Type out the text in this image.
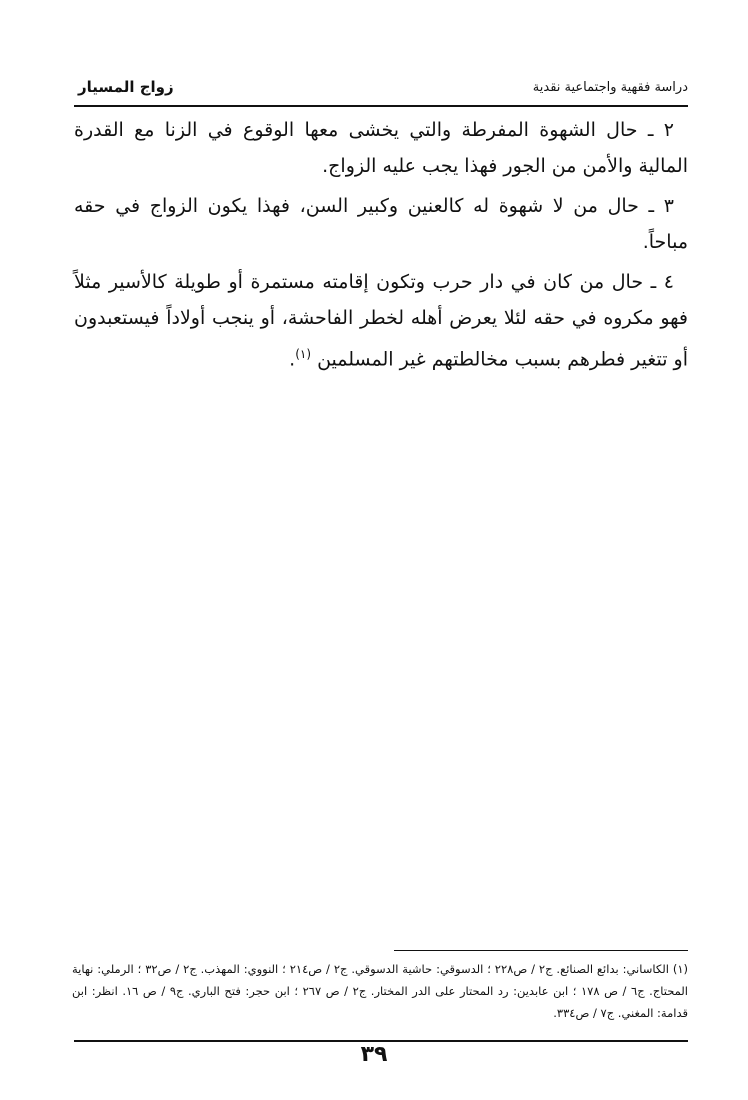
دراسة فقهية واجتماعية نقدية
زواج المسيار

٢ ـ حال الشهوة المفرطة والتي يخشى معها الوقوع في الزنا مع القدرة المالية والأمن من الجور فهذا يجب عليه الزواج.

٣ ـ حال من لا شهوة له كالعنين وكبير السن، فهذا يكون الزواج في حقه مباحاً.

٤ ـ حال من كان في دار حرب وتكون إقامته مستمرة أو طويلة كالأسير مثلاً فهو مكروه في حقه لئلا يعرض أهله لخطر الفاحشة، أو ينجب أولاداً فيستعبدون أو تتغير فطرهم بسبب مخالطتهم غير المسلمين $^{(١)}$.

(١) الكاساني: بدائع الصنائع. ج٢ / ص٢٢٨ ؛ الدسوقي: حاشية الدسوقي. ج٢ / ص٢١٤ ؛ النووي: المهذب. ج٢ / ص٣٢ ؛ الرملي: نهاية المحتاج. ج٦ / ص ١٧٨ ؛ ابن عابدين: رد المحتار على الدر المختار. ج٢ / ص ٢٦٧ ؛ ابن حجر: فتح الباري. ج٩ / ص ١٦. انظر: ابن قدامة: المغني. ج٧ / ص٣٣٤.

٣٩
